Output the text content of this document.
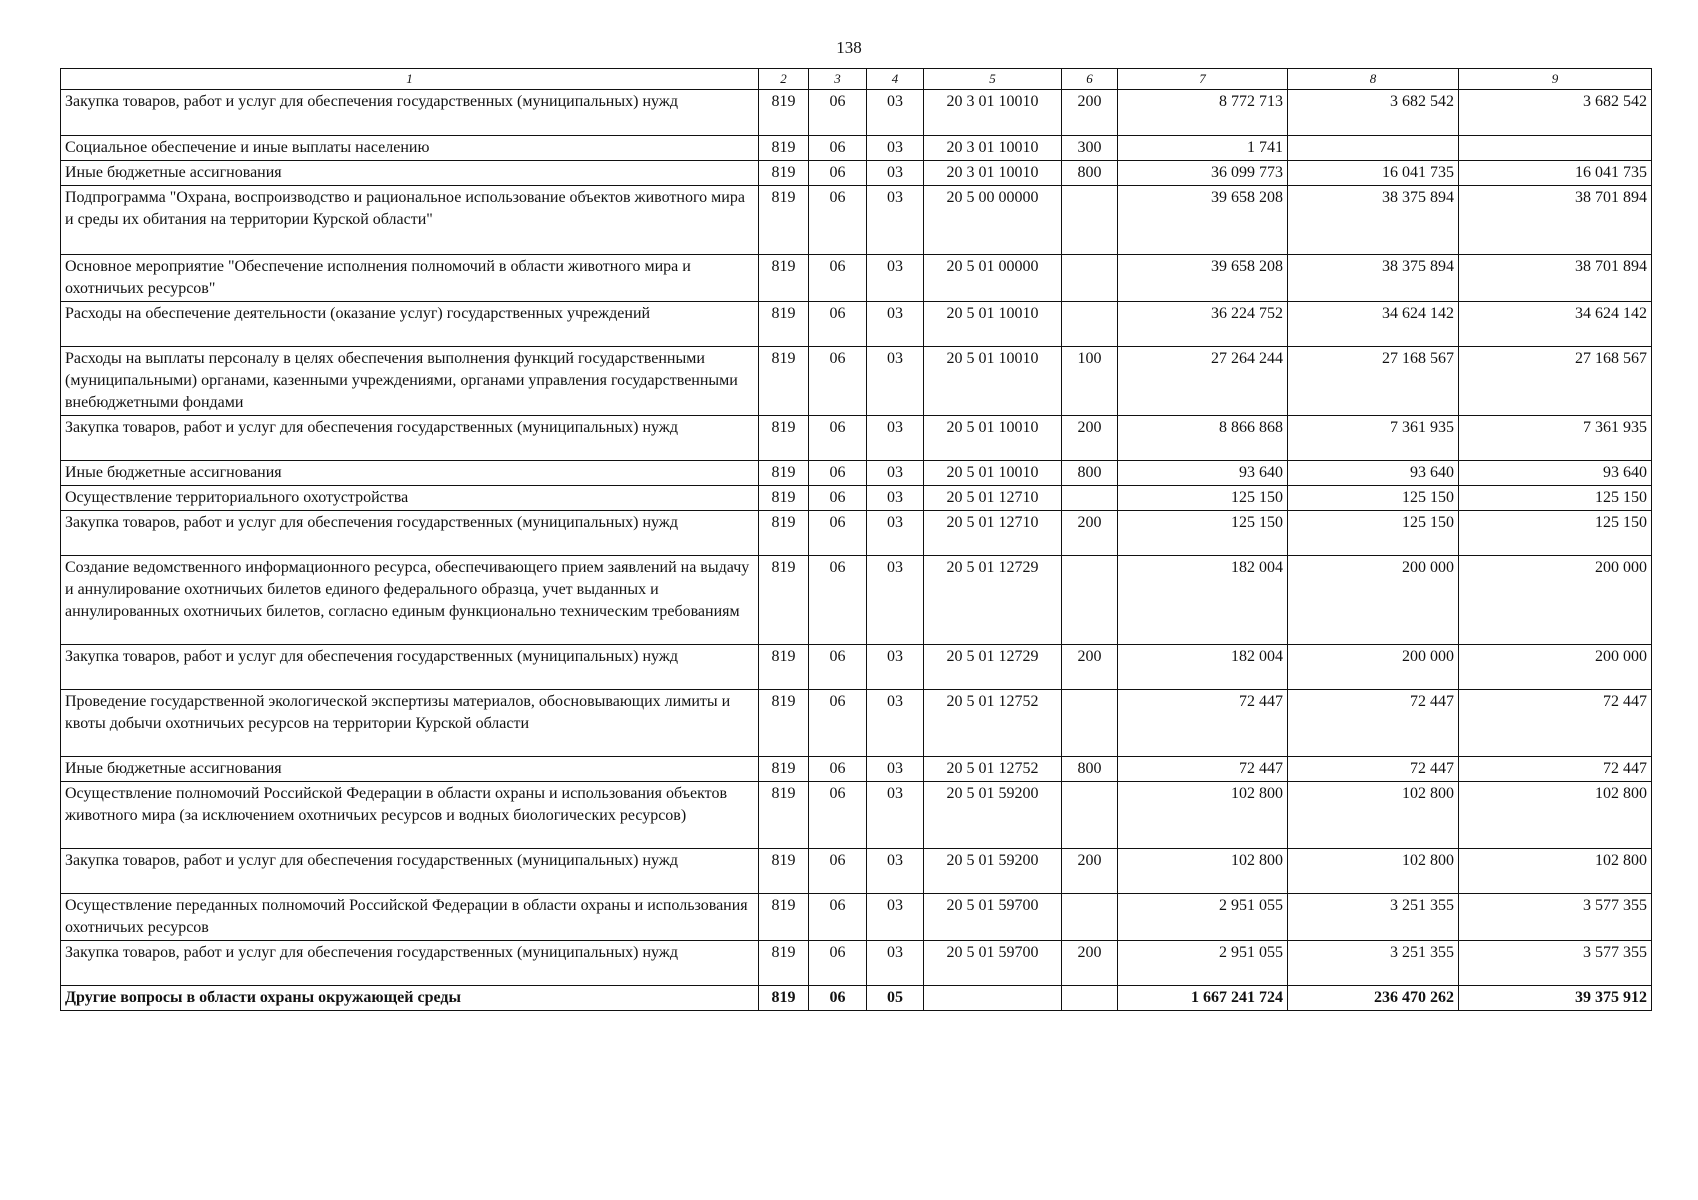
138
1	2	3	4	5	6	7	8	9
Закупка товаров, работ и услуг для обеспечения государственных (муниципальных) нужд	819	06	03	20 3 01 10010	200	8 772 713	3 682 542	3 682 542
Социальное обеспечение и иные выплаты населению	819	06	03	20 3 01 10010	300	1 741		
Иные бюджетные ассигнования	819	06	03	20 3 01 10010	800	36 099 773	16 041 735	16 041 735
Подпрограмма "Охрана, воспроизводство и рациональное использование объектов животного мира и среды их обитания на территории Курской области"	819	06	03	20 5 00 00000		39 658 208	38 375 894	38 701 894
Основное мероприятие "Обеспечение исполнения полномочий в области животного мира и охотничьих ресурсов"	819	06	03	20 5 01 00000		39 658 208	38 375 894	38 701 894
Расходы на обеспечение деятельности (оказание услуг) государственных учреждений	819	06	03	20 5 01 10010		36 224 752	34 624 142	34 624 142
Расходы на выплаты персоналу в целях обеспечения выполнения функций государственными (муниципальными) органами, казенными учреждениями, органами управления государственными внебюджетными фондами	819	06	03	20 5 01 10010	100	27 264 244	27 168 567	27 168 567
Закупка товаров, работ и услуг для обеспечения государственных (муниципальных) нужд	819	06	03	20 5 01 10010	200	8 866 868	7 361 935	7 361 935
Иные бюджетные ассигнования	819	06	03	20 5 01 10010	800	93 640	93 640	93 640
Осуществление территориального охотустройства	819	06	03	20 5 01 12710		125 150	125 150	125 150
Закупка товаров, работ и услуг для обеспечения государственных (муниципальных) нужд	819	06	03	20 5 01 12710	200	125 150	125 150	125 150
Создание ведомственного информационного ресурса, обеспечивающего прием заявлений на выдачу и аннулирование охотничьих билетов единого федерального образца, учет выданных и аннулированных охотничьих билетов, согласно единым функционально техническим требованиям	819	06	03	20 5 01 12729		182 004	200 000	200 000
Закупка товаров, работ и услуг для обеспечения государственных (муниципальных) нужд	819	06	03	20 5 01 12729	200	182 004	200 000	200 000
Проведение государственной экологической экспертизы материалов, обосновывающих лимиты и квоты добычи охотничьих ресурсов на территории Курской области	819	06	03	20 5 01 12752		72 447	72 447	72 447
Иные бюджетные ассигнования	819	06	03	20 5 01 12752	800	72 447	72 447	72 447
Осуществление полномочий Российской Федерации в области охраны и использования объектов животного мира (за исключением охотничьих ресурсов и водных биологических ресурсов)	819	06	03	20 5 01 59200		102 800	102 800	102 800
Закупка товаров, работ и услуг для обеспечения государственных (муниципальных) нужд	819	06	03	20 5 01 59200	200	102 800	102 800	102 800
Осуществление переданных полномочий Российской Федерации в области охраны и использования охотничьих ресурсов	819	06	03	20 5 01 59700		2 951 055	3 251 355	3 577 355
Закупка товаров, работ и услуг для обеспечения государственных (муниципальных) нужд	819	06	03	20 5 01 59700	200	2 951 055	3 251 355	3 577 355
Другие вопросы в области охраны окружающей среды	819	06	05			1 667 241 724	236 470 262	39 375 912
